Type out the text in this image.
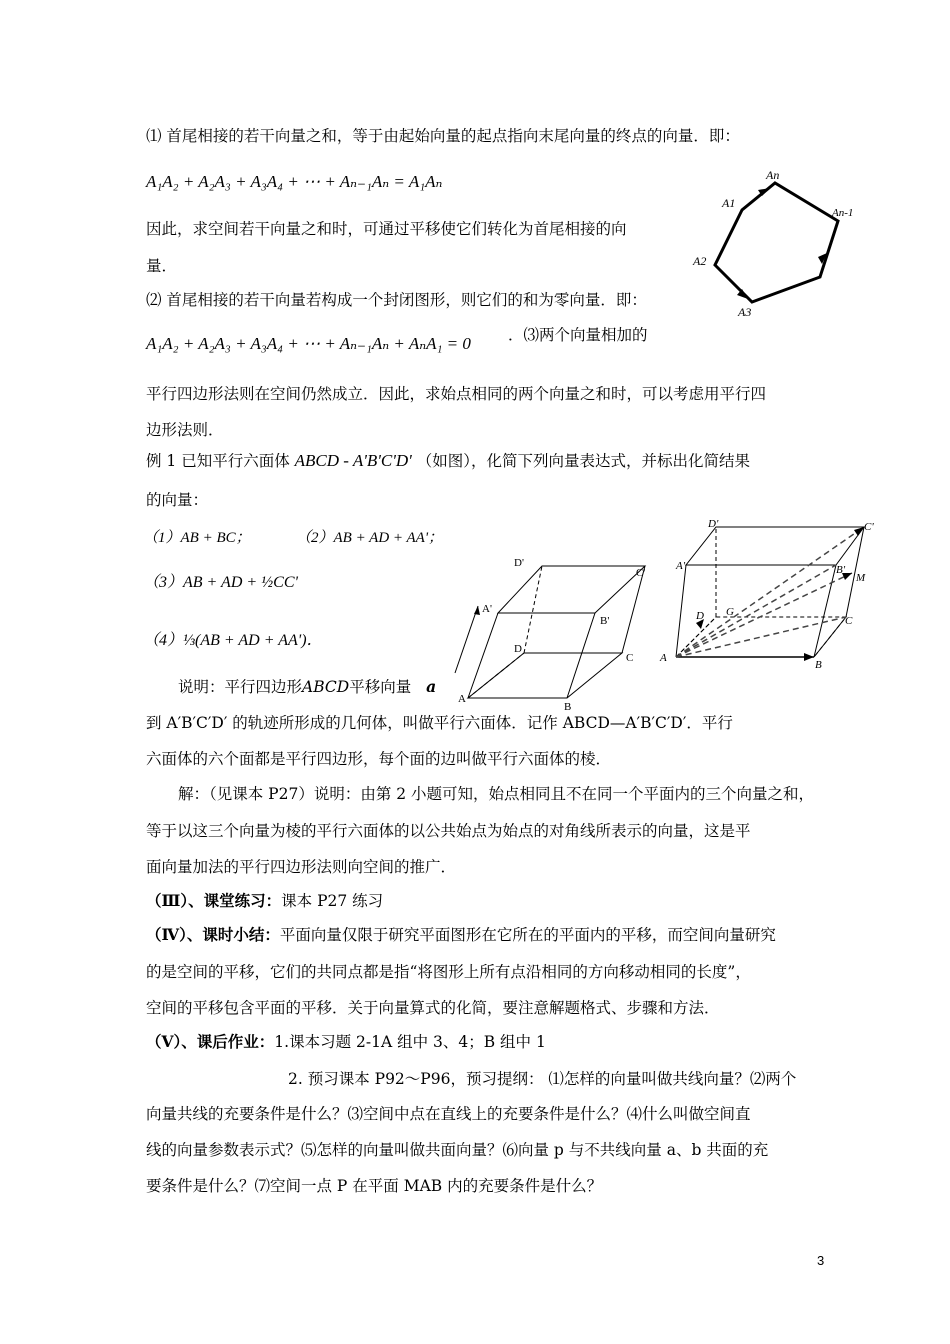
⑴ 首尾相接的若干向量之和，等于由起始向量的起点指向末尾向量的终点的向量．即：
A₁A₂ + A₂A₃ + A₃A₄ + ⋯ + Aₙ₋₁Aₙ = A₁Aₙ
因此，求空间若干向量之和时，可通过平移使它们转化为首尾相接的向
量．
⑵ 首尾相接的若干向量若构成一个封闭图形，则它们的和为零向量．即：
A₁A₂ + A₂A₃ + A₃A₄ + ⋯ + Aₙ₋₁Aₙ + AₙA₁ = 0 ．⑶两个向量相加的
平行四边形法则在空间仍然成立．因此，求始点相同的两个向量之和时，可以考虑用平行四
边形法则．
例 1 已知平行六面体 ABCD - A'B'C'D' （如图），化简下列向量表达式，并标出化简结果
的向量：
（1）AB + BC；	（2）AB + AD + AA'；
（3）AB + AD + ½CC'
（4）⅓(AB + AD + AA')．
说明：平行四边形ABCD平移向量 a
到 A′B′C′D′ 的轨迹所形成的几何体，叫做平行六面体．记作 ABCD—A′B′C′D′．平行
六面体的六个面都是平行四边形，每个面的边叫做平行六面体的棱．
解：（见课本 P27）说明：由第 2 小题可知，始点相同且不在同一个平面内的三个向量之和，
等于以这三个向量为棱的平行六面体的以公共始点为始点的对角线所表示的向量，这是平
面向量加法的平行四边形法则向空间的推广．
（Ⅲ）、课堂练习：课本 P27 练习
（Ⅳ）、课时小结：平面向量仅限于研究平面图形在它所在的平面内的平移，而空间向量研究
的是空间的平移，它们的共同点都是指“将图形上所有点沿相同的方向移动相同的长度”，
空间的平移包含平面的平移．关于向量算式的化简，要注意解题格式、步骤和方法．
（Ⅴ）、课后作业：1.课本习题 2-1A 组中 3、4；B 组中 1
2. 预习课本 P92～P96，预习提纲： ⑴怎样的向量叫做共线向量？⑵两个
向量共线的充要条件是什么？⑶空间中点在直线上的充要条件是什么？⑷什么叫做空间直
线的向量参数表示式？⑸怎样的向量叫做共面向量？⑹向量 p 与不共线向量 a、b 共面的充
要条件是什么？⑺空间一点 P 在平面 MAB 内的充要条件是什么？
3
A1
A2
A3
An
An-1
A
B
C
D
A'
B'
C'
D'
A
B
C
D
A'	B'
C'
D'
G
M
